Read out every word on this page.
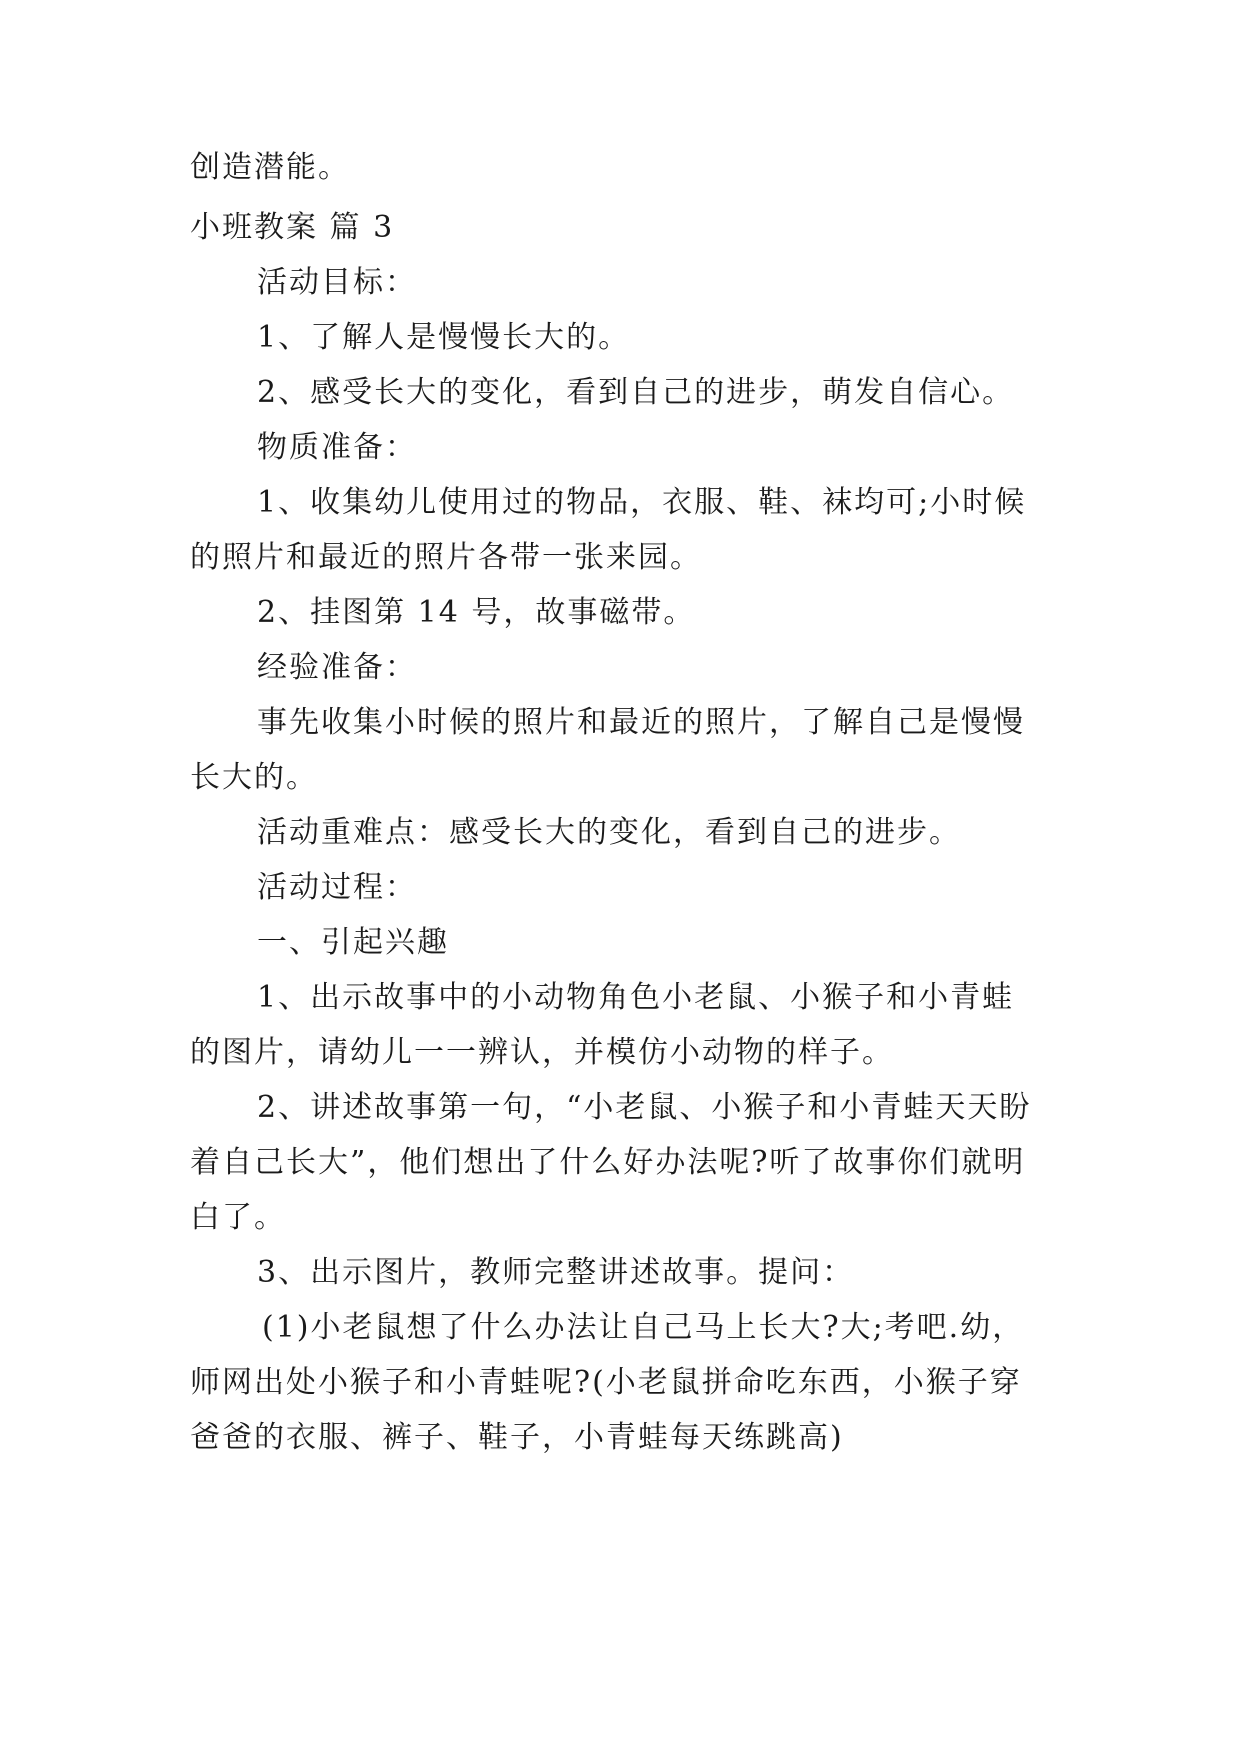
创造潜能。
小班教案 篇 3
活动目标：
1、了解人是慢慢长大的。
2、感受长大的变化，看到自己的进步，萌发自信心。
物质准备：
1、收集幼儿使用过的物品，衣服、鞋、袜均可;小时候
的照片和最近的照片各带一张来园。
2、挂图第 14 号，故事磁带。
经验准备：
事先收集小时候的照片和最近的照片，了解自己是慢慢
长大的。
活动重难点：感受长大的变化，看到自己的进步。
活动过程：
一、引起兴趣
1、出示故事中的小动物角色小老鼠、小猴子和小青蛙
的图片，请幼儿一一辨认，并模仿小动物的样子。
2、讲述故事第一句，“小老鼠、小猴子和小青蛙天天盼
着自己长大”，他们想出了什么好办法呢?听了故事你们就明
白了。
3、出示图片，教师完整讲述故事。提问：
(1)小老鼠想了什么办法让自己马上长大?大;考吧.幼，
师网出处小猴子和小青蛙呢?(小老鼠拼命吃东西，小猴子穿
爸爸的衣服、裤子、鞋子，小青蛙每天练跳高)
